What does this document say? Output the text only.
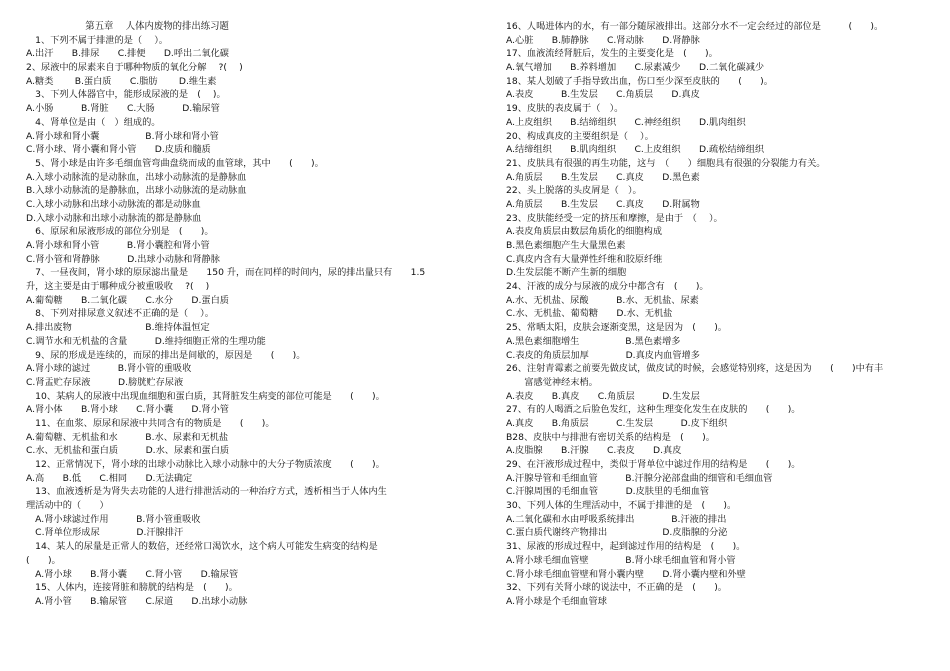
　　　　　　 第五章　 人体内废物的排出练习题
　1、下列不属于排泄的是（　 ）。
A.出汗　　B.排尿　　C.排便　　D.呼出二氧化碳
2、尿液中的尿素来自于哪种物质的氧化分解　 ?(　 )
A.糖类　　 B.蛋白质　　C.脂肪　　 D.维生素
　3、下列人体器官中，能形成尿液的是　(　 )。
A.小肠　　　B.肾脏　　C.大肠　　　D.输尿管
　4、肾单位是由（　）组成的。
A.肾小球和肾小囊　　　　　B.肾小球和肾小管
C.肾小球、肾小囊和肾小管　　D.皮质和髓质
　5、肾小球是由许多毛细血管弯曲盘绕而成的血管球，其中　　(　　)。
A.入球小动脉流的是动脉血，出球小动脉流的是静脉血
B.入球小动脉流的是静脉血，出球小动脉流的是动脉血
C.入球小动脉和出球小动脉流的都是动脉血
D.入球小动脉和出球小动脉流的都是静脉血
　6、原尿和尿液形成的部位分别是　(　　)。
A.肾小球和肾小管　　　B.肾小囊腔和肾小管
C.肾小管和肾静脉　　　D.出球小动脉和肾静脉
　7、一昼夜间，肾小球的原尿滤出量是　　150 升，而在同样的时间内，尿的排出量只有　　1.5
升，这主要是由于哪种成分被重吸收　 ?(　 )
A.葡萄糖　　B.二氧化碳　　C.水分　　D.蛋白质
　8、下列对排尿意义叙述不正确的是（　 ）。
A.排出废物　　　　　　　　B.维持体温恒定
C.调节水和无机盐的含量　　　D.维持细胞正常的生理功能
　9、尿的形成是连续的，而尿的排出是间歇的，原因是　　(　　)。
A.肾小球的滤过　　　B.肾小管的重吸收
C.肾盂贮存尿液　　　D.膀胱贮存尿液
　10、某病人的尿液中出现血细胞和蛋白质，其肾脏发生病变的部位可能是　　(　　)。
A.肾小体　　B.肾小球　　C.肾小囊　　D.肾小管
　11、在血浆、原尿和尿液中共同含有的物质是　　(　　)。
A.葡萄糖、无机盐和水　　　B.水、尿素和无机盐
C.水、无机盐和蛋白质　　　D.水、尿素和蛋白质
　12、正常情况下，肾小球的出球小动脉比入球小动脉中的大分子物质浓度　　(　　)。
A.高　　B.低　　C.相同　　D.无法确定
　13、血液透析是为肾失去功能的人进行排泄活动的一种治疗方式，透析相当于人体内生
理活动中的（　　）
　A.肾小球滤过作用　　　B.肾小管重吸收
　C.肾单位形成尿　　　　D.汗腺排汗
　14、某人的尿量是正常人的数倍，还经常口渴饮水，这个病人可能发生病变的结构是
(　　)。
　A.肾小球　　B.肾小囊　　C.肾小管　　D.输尿管
　15、人体内，连接肾脏和膀胱的结构是　(　　)。
　A.肾小管　　B.输尿管　　C.尿道　　D.出球小动脉
16、人喝进体内的水，有一部分随尿液排出。这部分水不一定会经过的部位是　　　(　　)。
A.心脏　　B.肺静脉　　C.肾动脉　　D.肾静脉
17、血液流经肾脏后，发生的主要变化是　(　　)。
A.氧气增加　　B.养料增加　　C.尿素减少　　D.二氧化碳减少
18、某人划破了手指导致出血，伤口至少深至皮肤的　　(　　)。
A.表皮　　　B.生发层　　C.角质层　　D.真皮
19、皮肤的表皮属于（　）。
A.上皮组织　　B.结缔组织　　C.神经组织　　D.肌肉组织
20、构成真皮的主要组织是（　 ）。
A.结缔组织　　B.肌肉组织　　C.上皮组织　　D.疏松结缔组织
21、皮肤具有很强的再生功能，这与　（　　）细胞具有很强的分裂能力有关。
A.角质层　　B.生发层　　C.真皮　　D.黑色素
22、头上脱落的头皮屑是（　）。
A.角质层　　B.生发层　　C.真皮　　D.附属物
23、皮肤能经受一定的挤压和摩擦，是由于　（　 ）。
A.表皮角质层由数层角质化的细胞构成
B.黑色素细胞产生大量黑色素
C.真皮内含有大量弹性纤维和胶原纤维
D.生发层能不断产生新的细胞
24、汗液的成分与尿液的成分中都含有　(　　)。
A.水、无机盐、尿酸　　　B.水、无机盐、尿素
C.水、无机盐、葡萄糖　　D.水、无机盐
25、常晒太阳，皮肤会逐渐变黑，这是因为　(　　)。
A.黑色素细胞增生　　　　　B.黑色素增多
C.表皮的角质层加厚　　　　D.真皮内血管增多
26、注射青霉素之前要先做皮试，做皮试的时候，会感觉特别疼，这是因为　　(　　)中有丰
　　富感觉神经末梢。
A.表皮　　B.真皮　　C.角质层　　　D.生发层
27、有的人喝酒之后脸色发红，这种生理变化发生在皮肤的　　(　　)。
A.真皮　　B.角质层　　　C.生发层　　　D.皮下组织
B28、皮肤中与排泄有密切关系的结构是　(　　)。
A.皮脂腺　　B.汗腺　　C.表皮　　D.真皮
29、在汗液形成过程中，类似于肾单位中滤过作用的结构是　　(　　)。
A.汗腺导管和毛细血管　　　B.汗腺分泌部盘曲的细管和毛细血管
C.汗腺周围的毛细血管　　　D.皮肤里的毛细血管
30、下列人体的生理活动中，不属于排泄的是　(　　)。
A.二氧化碳和水由呼吸系统排出　　　　B.汗液的排出
C.蛋白质代谢终产物排出　　　　　　D.皮脂腺的分泌
31、尿液的形成过程中，起到滤过作用的结构是　(　　)。
A.肾小球毛细血管壁　　　　B.肾小球毛细血管和肾小管
C.肾小球毛细血管壁和肾小囊内壁　　D.肾小囊内壁和外壁
32、下列有关肾小球的说法中，不正确的是　(　　)。
A.肾小球是个毛细血管球
